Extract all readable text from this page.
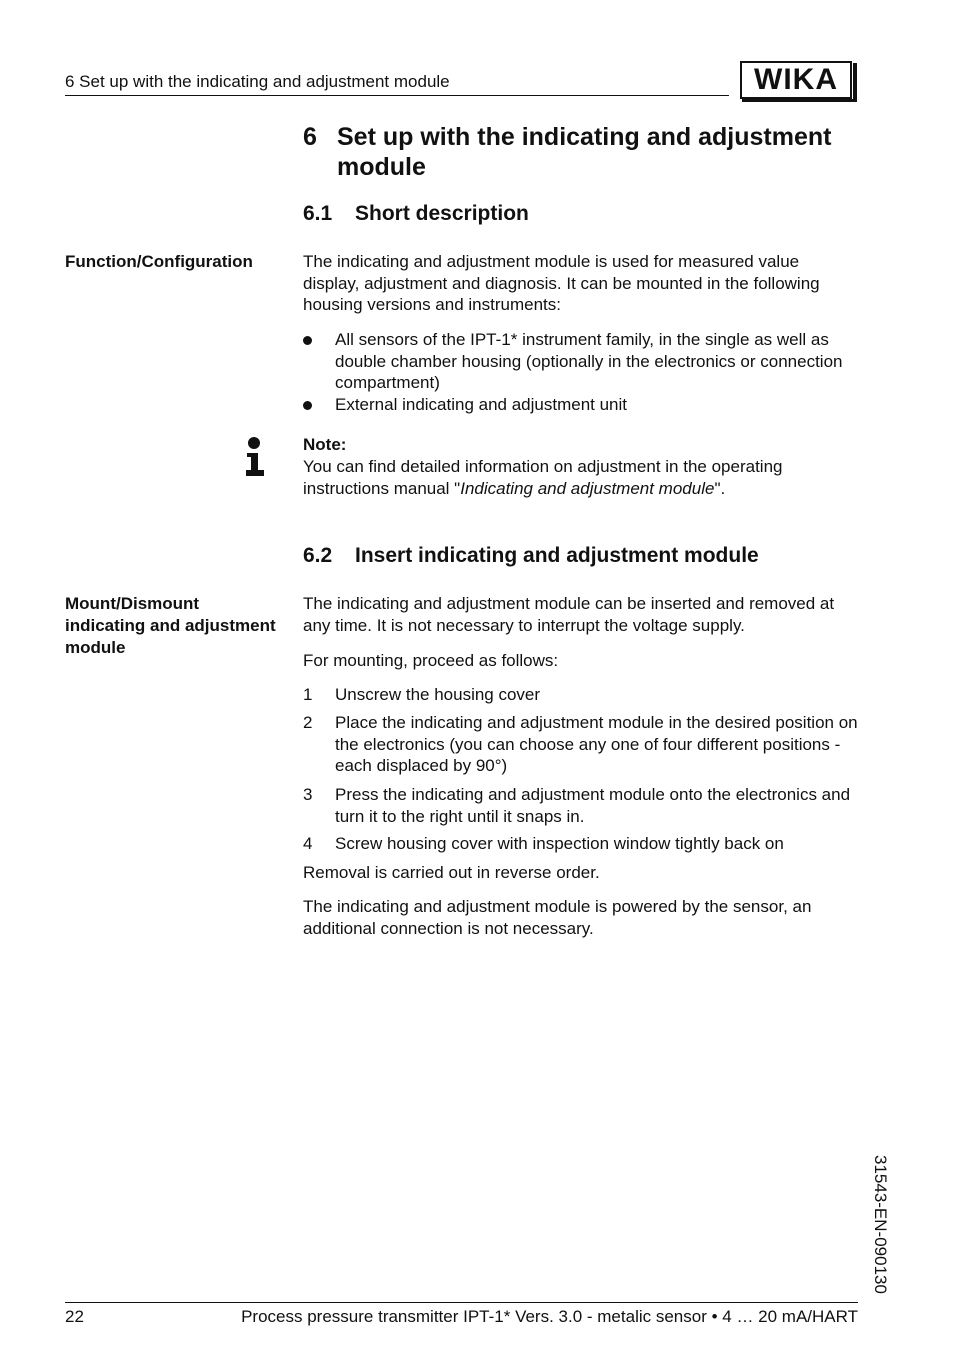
6 Set up with the indicating and adjustment module	WIKA
6 Set up with the indicating and adjustment module
6.1 Short description
Function/Configuration	The indicating and adjustment module is used for measured value display, adjustment and diagnosis. It can be mounted in the following housing versions and instruments:
All sensors of the IPT-1* instrument family, in the single as well as double chamber housing (optionally in the electronics or connection compartment)
External indicating and adjustment unit
Note:
You can find detailed information on adjustment in the operating instructions manual "Indicating and adjustment module".
6.2 Insert indicating and adjustment module
Mount/Dismount indicating and adjustment module
The indicating and adjustment module can be inserted and removed at any time. It is not necessary to interrupt the voltage supply.
For mounting, proceed as follows:
1	Unscrew the housing cover
2	Place the indicating and adjustment module in the desired position on the electronics (you can choose any one of four different positions - each displaced by 90°)
3	Press the indicating and adjustment module onto the electronics and turn it to the right until it snaps in.
4	Screw housing cover with inspection window tightly back on
Removal is carried out in reverse order.
The indicating and adjustment module is powered by the sensor, an additional connection is not necessary.
31543-EN-090130
22	Process pressure transmitter IPT-1* Vers. 3.0 - metalic sensor • 4 … 20 mA/HART
